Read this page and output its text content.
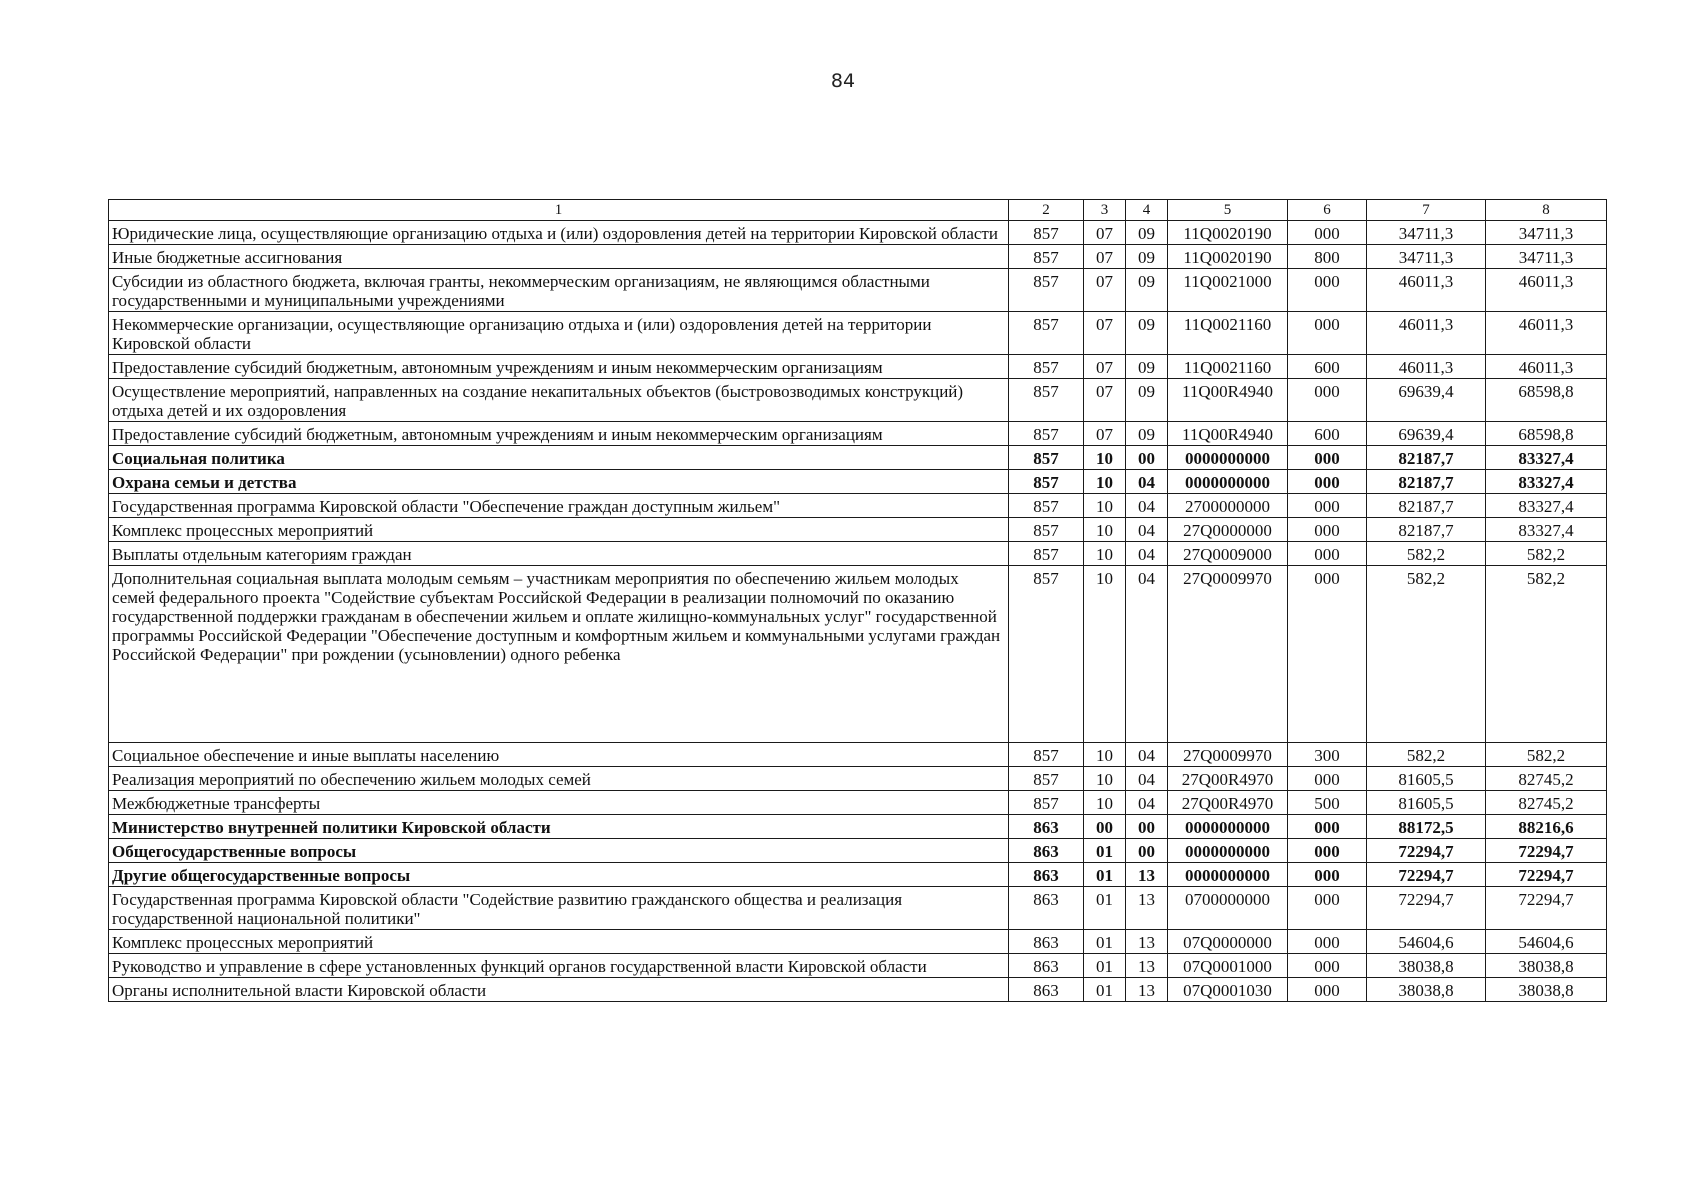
84
1	2	3	4	5	6	7	8
Юридические лица, осуществляющие организацию отдыха и (или) оздоровления детей на территории Кировской области	857	07	09	11Q0020190	000	34711,3	34711,3
Иные бюджетные ассигнования	857	07	09	11Q0020190	800	34711,3	34711,3
Субсидии из областного бюджета, включая гранты, некоммерческим организациям, не являющимся областными государственными и муниципальными учреждениями	857	07	09	11Q0021000	000	46011,3	46011,3
Некоммерческие организации, осуществляющие организацию отдыха и (или) оздоровления детей на территории Кировской области	857	07	09	11Q0021160	000	46011,3	46011,3
Предоставление субсидий бюджетным, автономным учреждениям и иным некоммерческим организациям	857	07	09	11Q0021160	600	46011,3	46011,3
Осуществление мероприятий, направленных на создание некапитальных объектов (быстровозводимых конструкций) отдыха детей и их оздоровления	857	07	09	11Q00R4940	000	69639,4	68598,8
Предоставление субсидий бюджетным, автономным учреждениям и иным некоммерческим организациям	857	07	09	11Q00R4940	600	69639,4	68598,8
Социальная политика	857	10	00	0000000000	000	82187,7	83327,4
Охрана семьи и детства	857	10	04	0000000000	000	82187,7	83327,4
Государственная программа Кировской области "Обеспечение граждан доступным жильем"	857	10	04	2700000000	000	82187,7	83327,4
Комплекс процессных мероприятий	857	10	04	27Q0000000	000	82187,7	83327,4
Выплаты отдельным категориям граждан	857	10	04	27Q0009000	000	582,2	582,2
Дополнительная социальная выплата молодым семьям – участникам мероприятия по обеспечению жильем молодых семей федерального проекта "Содействие субъектам Российской Федерации в реализации полномочий по оказанию государственной поддержки гражданам в обеспечении жильем и оплате жилищно-коммунальных услуг" государственной программы Российской Федерации "Обеспечение доступным и комфортным жильем и коммунальными услугами граждан Российской Федерации" при рождении (усыновлении) одного ребенка	857	10	04	27Q0009970	000	582,2	582,2
Социальное обеспечение и иные выплаты населению	857	10	04	27Q0009970	300	582,2	582,2
Реализация мероприятий по обеспечению жильем молодых семей	857	10	04	27Q00R4970	000	81605,5	82745,2
Межбюджетные трансферты	857	10	04	27Q00R4970	500	81605,5	82745,2
Министерство внутренней политики Кировской области	863	00	00	0000000000	000	88172,5	88216,6
Общегосударственные вопросы	863	01	00	0000000000	000	72294,7	72294,7
Другие общегосударственные вопросы	863	01	13	0000000000	000	72294,7	72294,7
Государственная программа Кировской области "Содействие развитию гражданского общества и реализация государственной национальной политики"	863	01	13	0700000000	000	72294,7	72294,7
Комплекс процессных мероприятий	863	01	13	07Q0000000	000	54604,6	54604,6
Руководство и управление в сфере установленных функций органов государственной власти Кировской области	863	01	13	07Q0001000	000	38038,8	38038,8
Органы исполнительной власти Кировской области	863	01	13	07Q0001030	000	38038,8	38038,8
